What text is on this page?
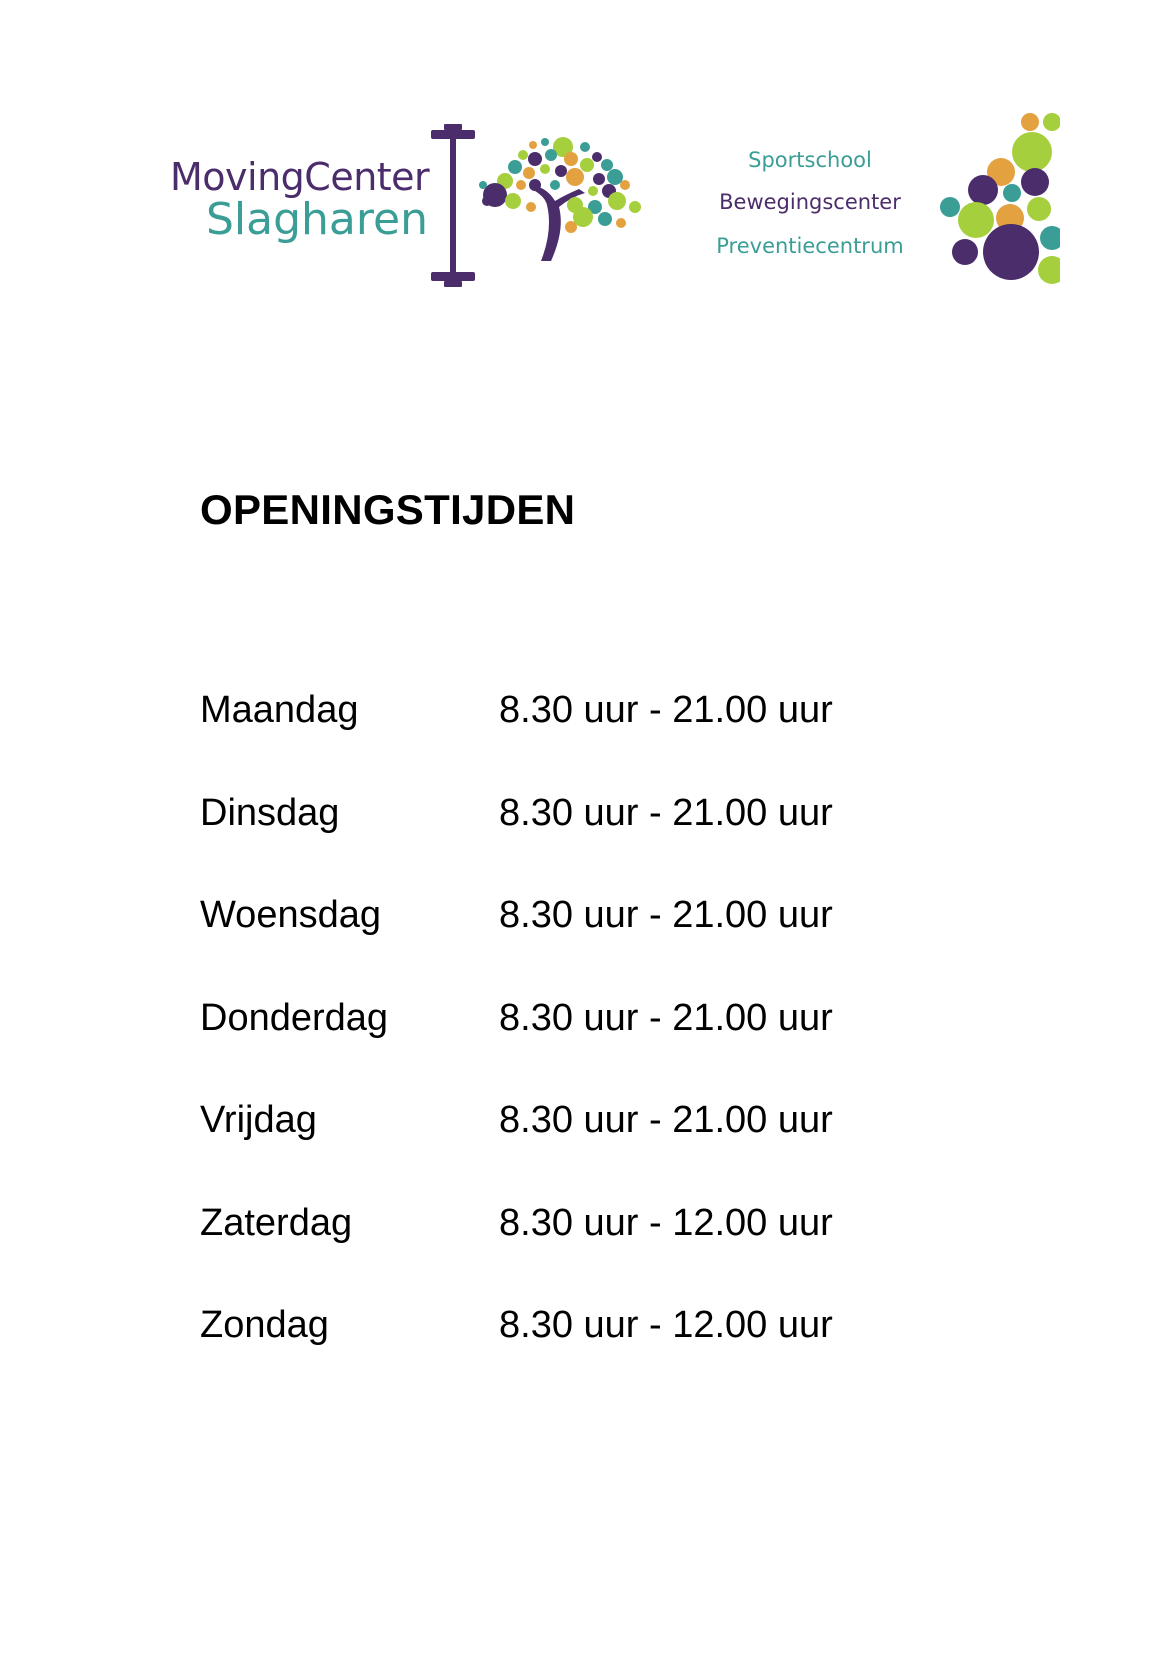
MovingCenter
Slagharen
Sportschool
Bewegingscenter
Preventiecentrum
OPENINGSTIJDEN
Maandag	8.30 uur - 21.00 uur
Dinsdag	8.30 uur - 21.00 uur
Woensdag	8.30 uur - 21.00 uur
Donderdag	8.30 uur - 21.00 uur
Vrijdag	8.30 uur - 21.00 uur
Zaterdag	8.30 uur - 12.00 uur
Zondag	8.30 uur - 12.00 uur
